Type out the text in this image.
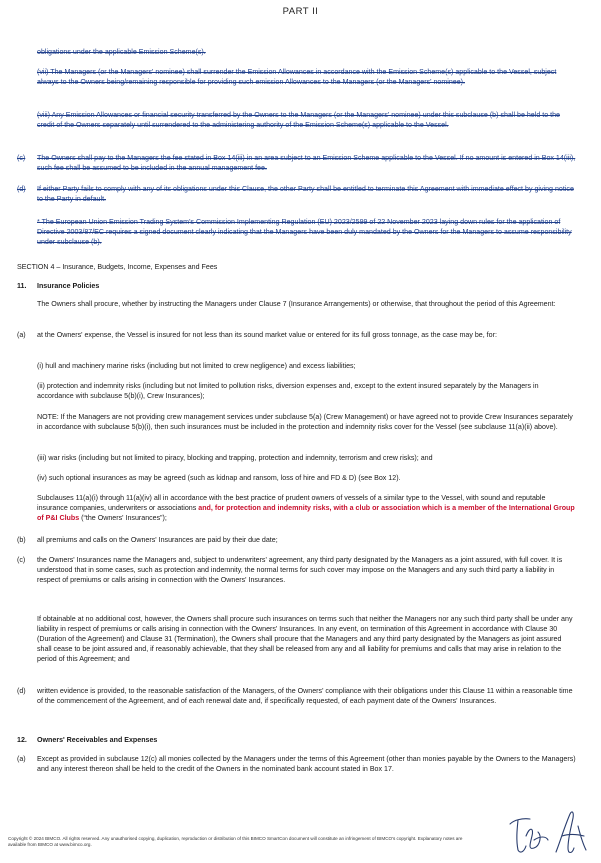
PART II
obligations under the applicable Emission Scheme(s).
(vii) The Managers (or the Managers' nominee) shall surrender the Emission Allowances in accordance with the Emission Scheme(s) applicable to the Vessel, subject always to the Owners being/remaining responsible for providing such emission Allowances to the Managers (or the Managers' nominee).
(viii) Any Emission Allowances or financial security transferred by the Owners to the Managers (or the Managers' nominee) under this subclause (b) shall be held to the credit of the Owners separately until surrendered to the administering authority of the Emission Scheme(s) applicable to the Vessel.
(c) The Owners shall pay to the Managers the fee stated in Box 14(iii) in an area subject to an Emission Scheme applicable to the Vessel. If no amount is entered in Box 14(iii), such fee shall be assumed to be included in the annual management fee.
(d) If either Party fails to comply with any of its obligations under this Clause, the other Party shall be entitled to terminate this Agreement with immediate effect by giving notice to the Party in default.
* The European Union Emission Trading System's Commission Implementing Regulation (EU) 2023/2599 of 22 November 2023 laying down rules for the application of Directive 2003/87/EC requires a signed document clearly indicating that the Managers have been duly mandated by the Owners for the Managers to assume responsibility under subclause (b).
SECTION 4 – Insurance, Budgets, Income, Expenses and Fees
11. Insurance Policies
The Owners shall procure, whether by instructing the Managers under Clause 7 (Insurance Arrangements) or otherwise, that throughout the period of this Agreement:
(a) at the Owners' expense, the Vessel is insured for not less than its sound market value or entered for its full gross tonnage, as the case may be, for:
(i) hull and machinery marine risks (including but not limited to crew negligence) and excess liabilities;
(ii) protection and indemnity risks (including but not limited to pollution risks, diversion expenses and, except to the extent insured separately by the Managers in accordance with subclause 5(b)(i), Crew Insurances);
NOTE: If the Managers are not providing crew management services under subclause 5(a) (Crew Management) or have agreed not to provide Crew Insurances separately in accordance with subclause 5(b)(i), then such insurances must be included in the protection and indemnity risks cover for the Vessel (see subclause 11(a)(ii) above).
(iii) war risks (including but not limited to piracy, blocking and trapping, protection and indemnity, terrorism and crew risks); and
(iv) such optional insurances as may be agreed (such as kidnap and ransom, loss of hire and FD & D) (see Box 12).
Subclauses 11(a)(i) through 11(a)(iv) all in accordance with the best practice of prudent owners of vessels of a similar type to the Vessel, with sound and reputable insurance companies, underwriters or associations and, for protection and indemnity risks, with a club or association which is a member of the International Group of P&I Clubs (“the Owners' Insurances”);
(b) all premiums and calls on the Owners' Insurances are paid by their due date;
(c) the Owners' Insurances name the Managers and, subject to underwriters' agreement, any third party designated by the Managers as a joint assured, with full cover. It is understood that in some cases, such as protection and indemnity, the normal terms for such cover may impose on the Managers and any such third party a liability in respect of premiums or calls arising in connection with the Owners' Insurances.
If obtainable at no additional cost, however, the Owners shall procure such insurances on terms such that neither the Managers nor any such third party shall be under any liability in respect of premiums or calls arising in connection with the Owners' Insurances. In any event, on termination of this Agreement in accordance with Clause 30 (Duration of the Agreement) and Clause 31 (Termination), the Owners shall procure that the Managers and any third party designated by the Managers as joint assured shall cease to be joint assured and, if reasonably achievable, that they shall be released from any and all liability for premiums and calls that may arise in relation to the period of this Agreement; and
(d) written evidence is provided, to the reasonable satisfaction of the Managers, of the Owners' compliance with their obligations under this Clause 11 within a reasonable time of the commencement of the Agreement, and of each renewal date and, if specifically requested, of each payment date of the Owners' Insurances.
12. Owners' Receivables and Expenses
(a) Except as provided in subclause 12(c) all monies collected by the Managers under the terms of this Agreement (other than monies payable by the Owners to the Managers) and any interest thereon shall be held to the credit of the Owners in the nominated bank account stated in Box 17.
Copyright © 2024 BIMCO. All rights reserved. Any unauthorised copying, duplication, reproduction or distribution of this BIMCO SmartCon document will constitute an infringement of BIMCO's copyright. Explanatory notes are available from BIMCO at www.bimco.org.
